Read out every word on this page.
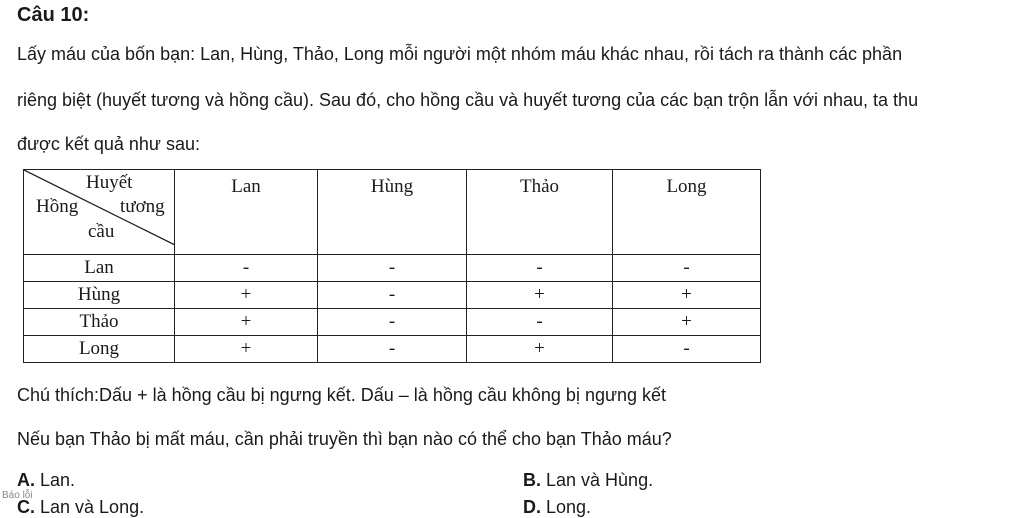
Câu 10:
Lấy máu của bốn bạn: Lan, Hùng, Thảo, Long mỗi người một nhóm máu khác nhau, rồi tách ra thành các phần
riêng biệt (huyết tương và hồng cầu). Sau đó, cho hồng cầu và huyết tương của các bạn trộn lẫn với nhau, ta thu
được kết quả như sau:
Huyết
Hồng tương
cầu	Lan	Hùng	Thảo	Long
Lan	-	-	-	-
Hùng	+	-	+	+
Thảo	+	-	-	+
Long	+	-	+	-
Chú thích:Dấu + là hồng cầu bị ngưng kết. Dấu – là hồng cầu không bị ngưng kết
Nếu bạn Thảo bị mất máu, cần phải truyền thì bạn nào có thể cho bạn Thảo máu?
A. Lan.	B. Lan và Hùng.
C. Lan và Long.	D. Long.
Báo lỗi
